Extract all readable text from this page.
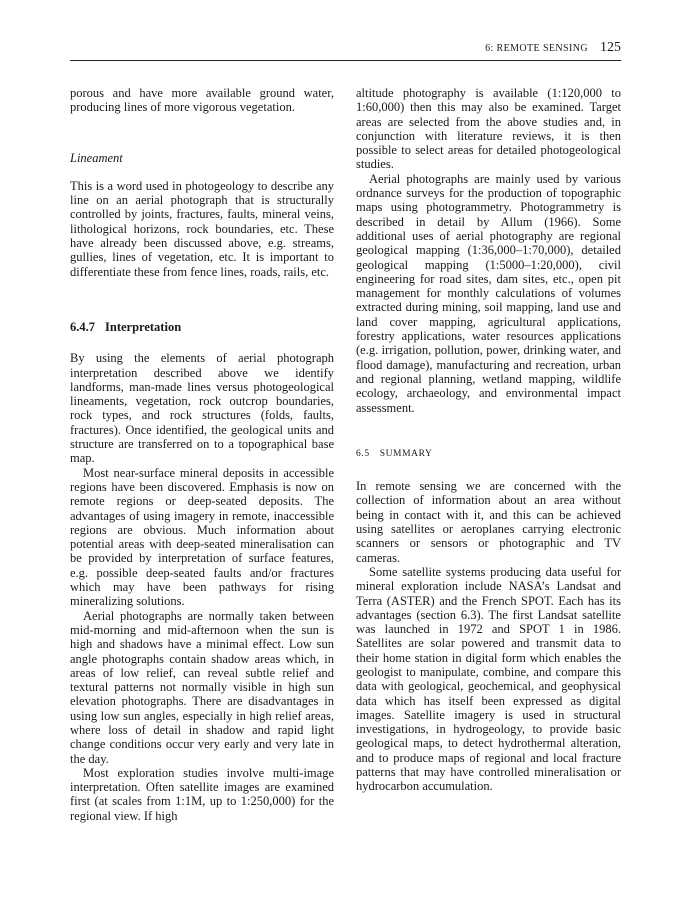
6: REMOTE SENSING 125

porous and have more available ground water, producing lines of more vigorous vegetation.

Lineament

This is a word used in photogeology to describe any line on an aerial photograph that is structurally controlled by joints, fractures, faults, mineral veins, lithological horizons, rock boundaries, etc. These have already been discussed above, e.g. streams, gullies, lines of vegetation, etc. It is important to differentiate these from fence lines, roads, rails, etc.

6.4.7 Interpretation

By using the elements of aerial photograph interpretation described above we identify landforms, man-made lines versus photogeological lineaments, vegetation, rock outcrop boundaries, rock types, and rock structures (folds, faults, fractures). Once identified, the geological units and structure are transferred on to a topographical base map.

Most near-surface mineral deposits in accessible regions have been discovered. Emphasis is now on remote regions or deep-seated deposits. The advantages of using imagery in remote, inaccessible regions are obvious. Much information about potential areas with deep-seated mineralisation can be provided by interpretation of surface features, e.g. possible deep-seated faults and/or fractures which may have been pathways for rising mineralizing solutions.

Aerial photographs are normally taken between mid-morning and mid-afternoon when the sun is high and shadows have a minimal effect. Low sun angle photographs contain shadow areas which, in areas of low relief, can reveal subtle relief and textural patterns not normally visible in high sun elevation photographs. There are disadvantages in using low sun angles, especially in high relief areas, where loss of detail in shadow and rapid light change conditions occur very early and very late in the day.

Most exploration studies involve multi-image interpretation. Often satellite images are examined first (at scales from 1:1M, up to 1:250,000) for the regional view. If high

altitude photography is available (1:120,000 to 1:60,000) then this may also be examined. Target areas are selected from the above studies and, in conjunction with literature reviews, it is then possible to select areas for detailed photogeological studies.

Aerial photographs are mainly used by various ordnance surveys for the production of topographic maps using photogrammetry. Photogrammetry is described in detail by Allum (1966). Some additional uses of aerial photography are regional geological mapping (1:36,000–1:70,000), detailed geological mapping (1:5000–1:20,000), civil engineering for road sites, dam sites, etc., open pit management for monthly calculations of volumes extracted during mining, soil mapping, land use and land cover mapping, agricultural applications, forestry applications, water resources applications (e.g. irrigation, pollution, power, drinking water, and flood damage), manufacturing and recreation, urban and regional planning, wetland mapping, wildlife ecology, archaeology, and environmental impact assessment.

6.5 SUMMARY

In remote sensing we are concerned with the collection of information about an area without being in contact with it, and this can be achieved using satellites or aeroplanes carrying electronic scanners or sensors or photographic and TV cameras.

Some satellite systems producing data useful for mineral exploration include NASA’s Landsat and Terra (ASTER) and the French SPOT. Each has its advantages (section 6.3). The first Landsat satellite was launched in 1972 and SPOT 1 in 1986. Satellites are solar powered and transmit data to their home station in digital form which enables the geologist to manipulate, combine, and compare this data with geological, geochemical, and geophysical data which has itself been expressed as digital images. Satellite imagery is used in structural investigations, in hydrogeology, to provide basic geological maps, to detect hydrothermal alteration, and to produce maps of regional and local fracture patterns that may have controlled mineralisation or hydrocarbon accumulation.
